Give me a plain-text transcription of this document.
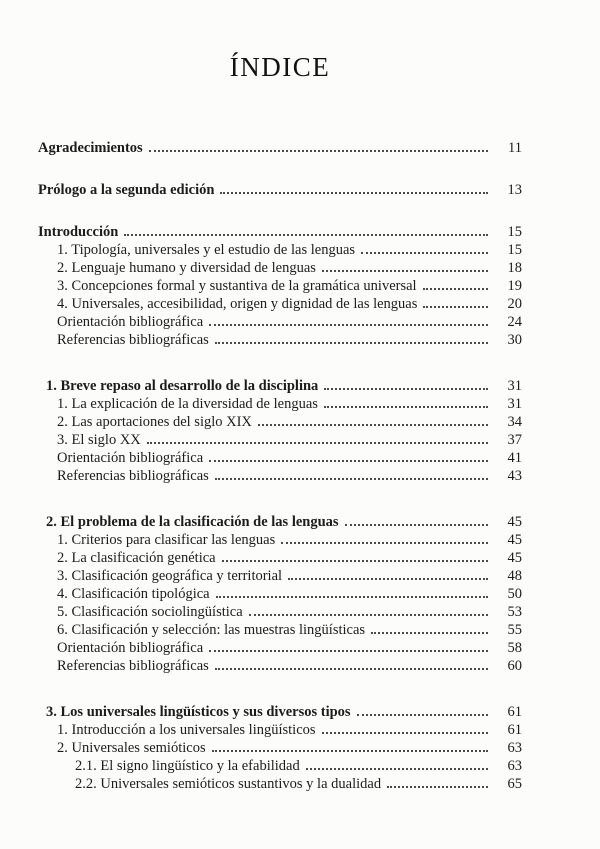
ÍNDICE
Agradecimientos	11
Prólogo a la segunda edición	13
Introducción	15
1. Tipología, universales y el estudio de las lenguas	15
2. Lenguaje humano y diversidad de lenguas	18
3. Concepciones formal y sustantiva de la gramática universal	19
4. Universales, accesibilidad, origen y dignidad de las lenguas	20
Orientación bibliográfica	24
Referencias bibliográficas	30
1. Breve repaso al desarrollo de la disciplina	31
1. La explicación de la diversidad de lenguas	31
2. Las aportaciones del siglo XIX	34
3. El siglo XX	37
Orientación bibliográfica	41
Referencias bibliográficas	43
2. El problema de la clasificación de las lenguas	45
1. Criterios para clasificar las lenguas	45
2. La clasificación genética	45
3. Clasificación geográfica y territorial	48
4. Clasificación tipológica	50
5. Clasificación sociolingüística	53
6. Clasificación y selección: las muestras lingüísticas	55
Orientación bibliográfica	58
Referencias bibliográficas	60
3. Los universales lingüísticos y sus diversos tipos	61
1. Introducción a los universales lingüísticos	61
2. Universales semióticos	63
2.1. El signo lingüístico y la efabilidad	63
2.2. Universales semióticos sustantivos y la dualidad	65
